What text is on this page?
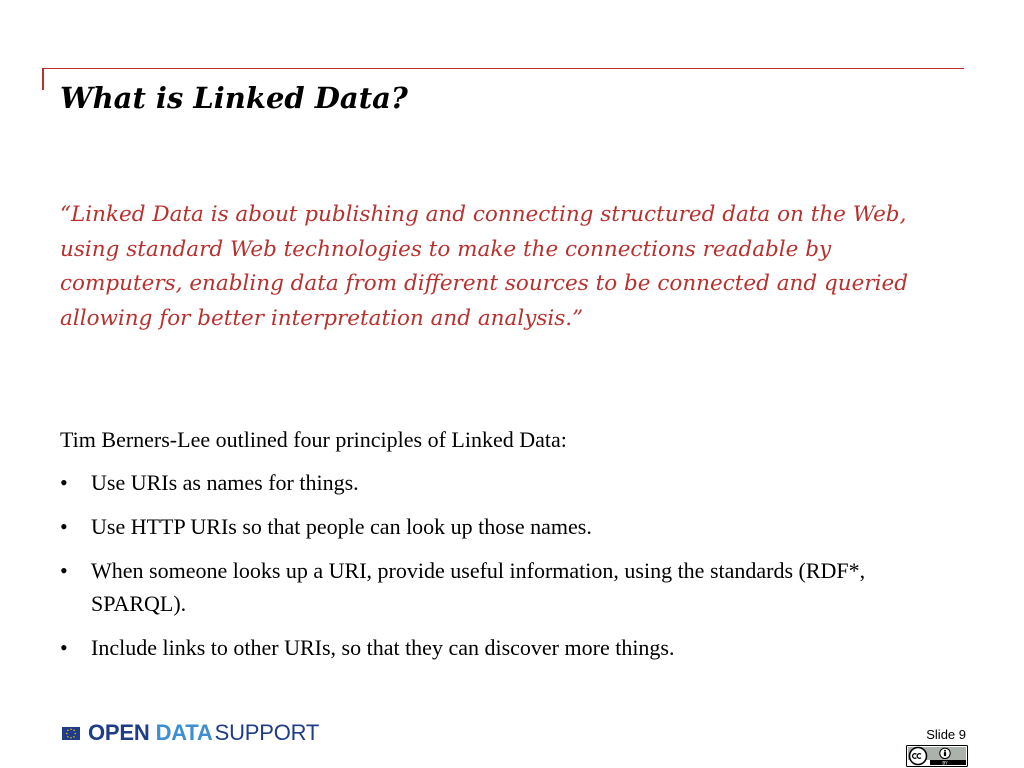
What is Linked Data?

“Linked Data is about publishing and connecting structured data on the Web, using standard Web technologies to make the connections readable by computers, enabling data from different sources to be connected and queried allowing for better interpretation and analysis.”

Tim Berners-Lee outlined four principles of Linked Data:

• Use URIs as names for things.
• Use HTTP URIs so that people can look up those names.
• When someone looks up a URI, provide useful information, using the standards (RDF*, SPARQL).
• Include links to other URIs, so that they can discover more things.
OPEN DATASUPPORT	Slide 9
BY
